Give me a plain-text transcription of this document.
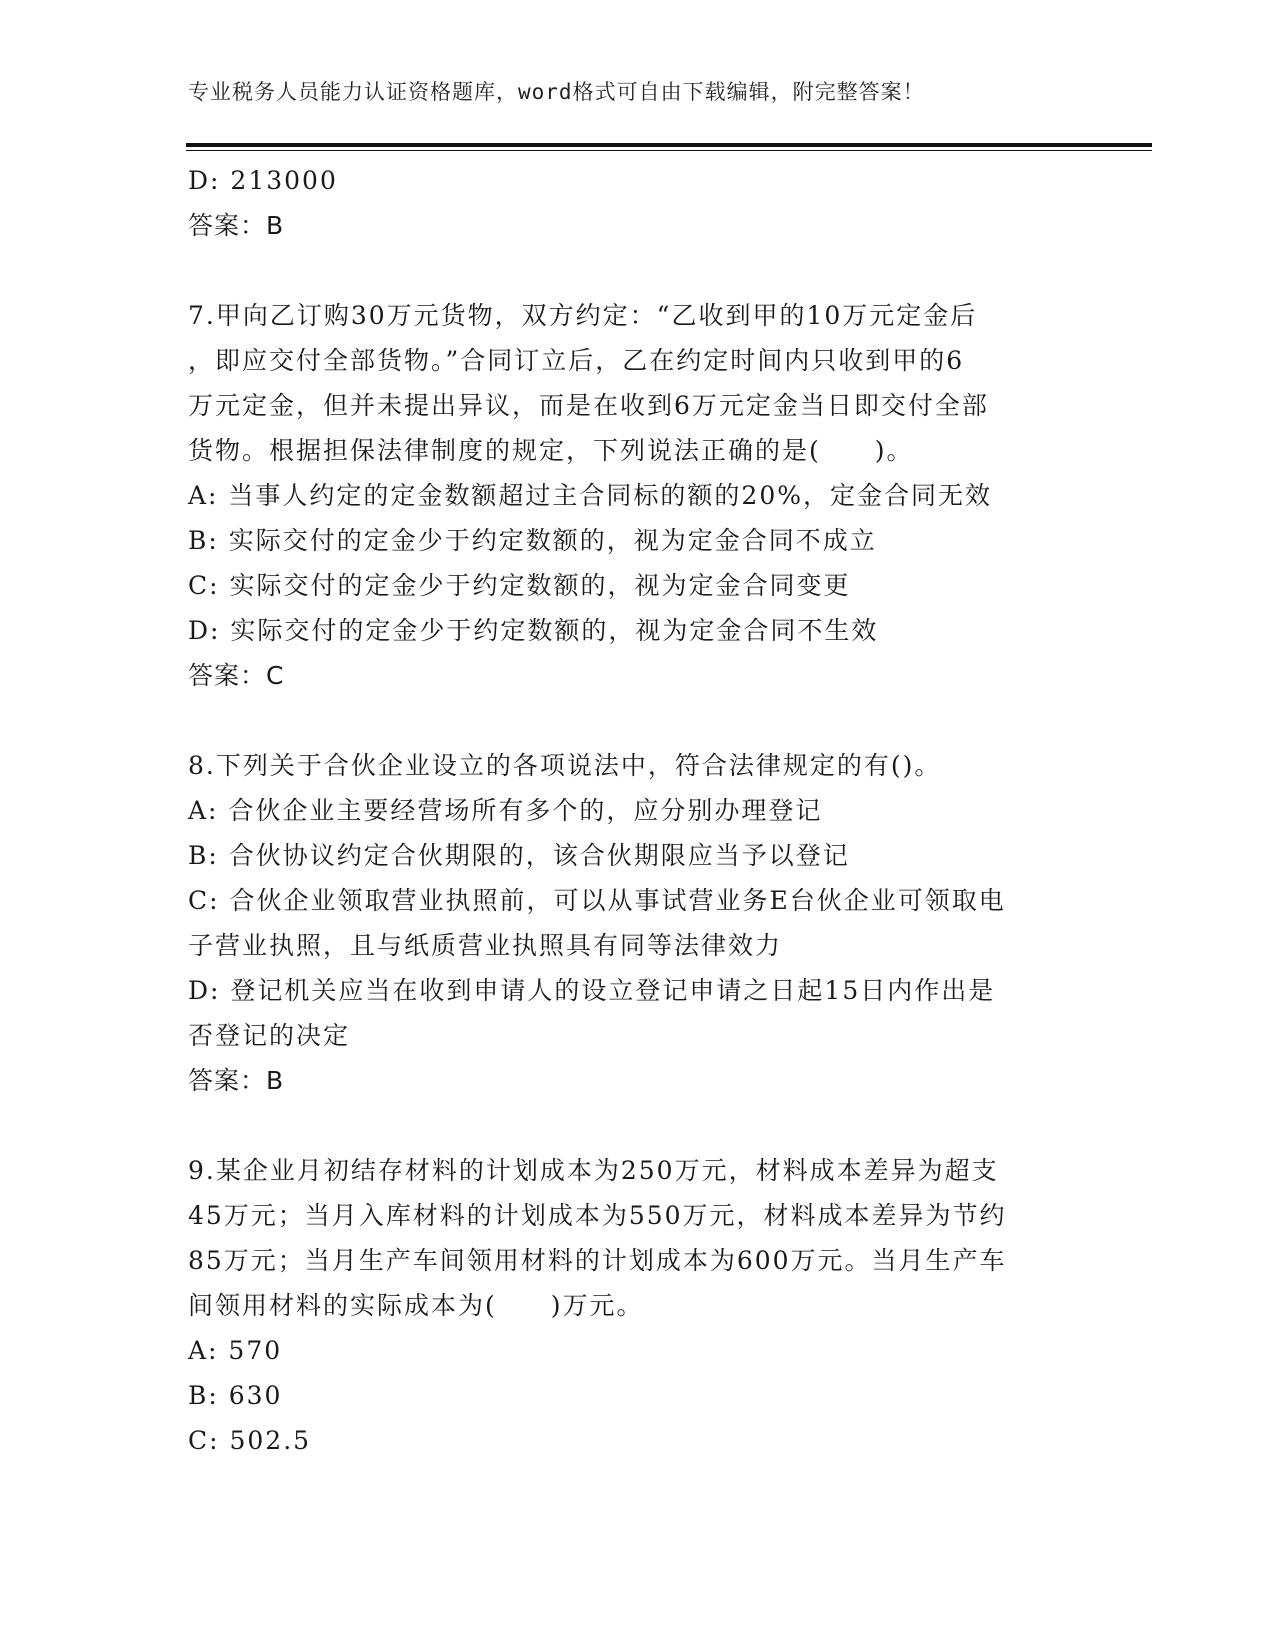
专业税务人员能力认证资格题库，word格式可自由下载编辑，附完整答案！
D: 213000
答案：B
7.甲向乙订购30万元货物，双方约定：“乙收到甲的10万元定金后
，即应交付全部货物。”合同订立后，乙在约定时间内只收到甲的6
万元定金，但并未提出异议，而是在收到6万元定金当日即交付全部
货物。根据担保法律制度的规定，下列说法正确的是(　　)。
A: 当事人约定的定金数额超过主合同标的额的20%，定金合同无效
B: 实际交付的定金少于约定数额的，视为定金合同不成立
C: 实际交付的定金少于约定数额的，视为定金合同变更
D: 实际交付的定金少于约定数额的，视为定金合同不生效
答案：C
8.下列关于合伙企业设立的各项说法中，符合法律规定的有()。
A: 合伙企业主要经营场所有多个的，应分别办理登记
B: 合伙协议约定合伙期限的，该合伙期限应当予以登记
C: 合伙企业领取营业执照前，可以从事试营业务E台伙企业可领取电
子营业执照，且与纸质营业执照具有同等法律效力
D: 登记机关应当在收到申请人的设立登记申请之日起15日内作出是
否登记的决定
答案：B
9.某企业月初结存材料的计划成本为250万元，材料成本差异为超支
45万元；当月入库材料的计划成本为550万元，材料成本差异为节约
85万元；当月生产车间领用材料的计划成本为600万元。当月生产车
间领用材料的实际成本为(　　)万元。
A: 570
B: 630
C: 502.5
